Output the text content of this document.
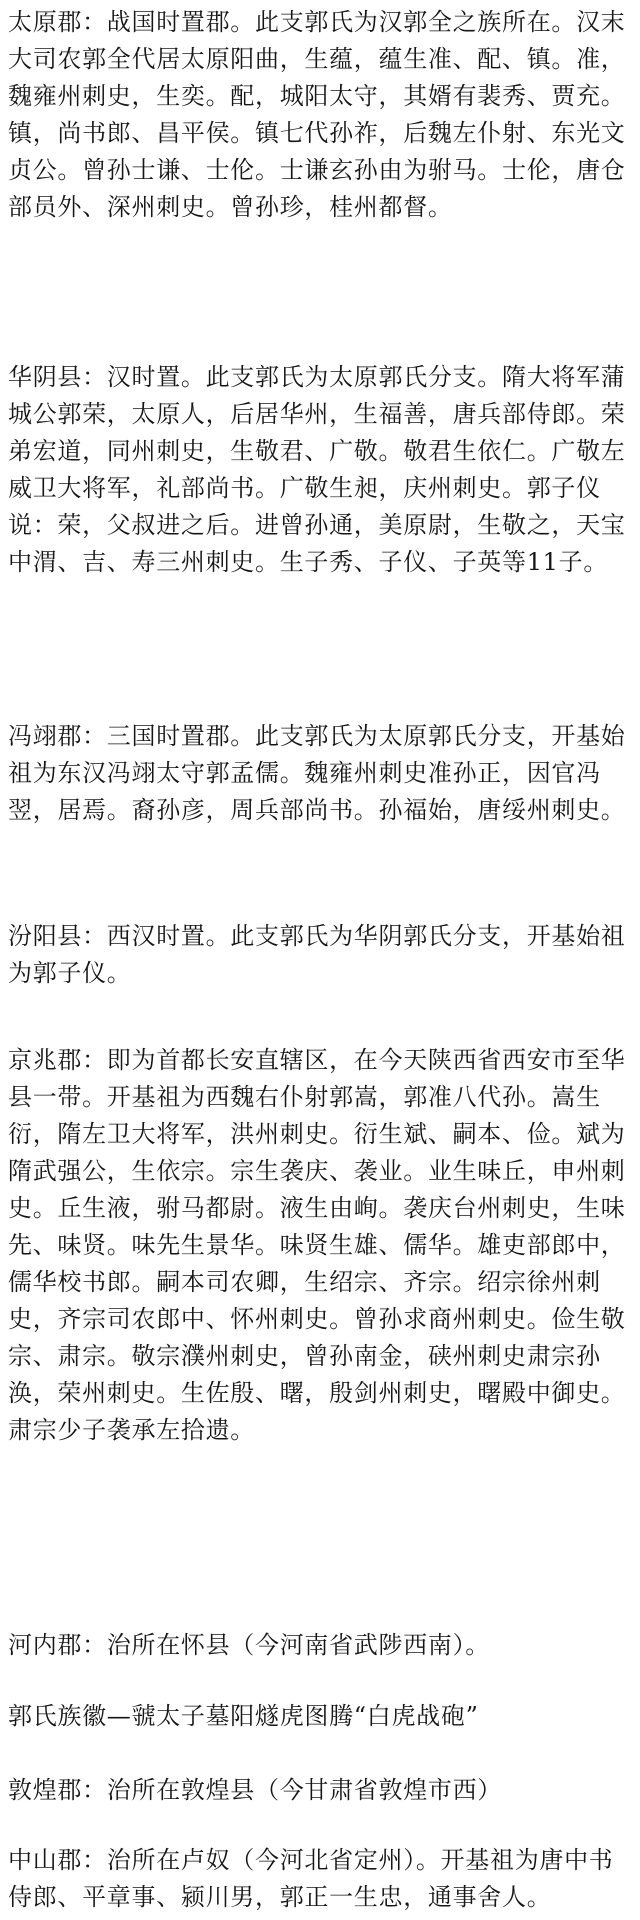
太原郡：战国时置郡。此支郭氏为汉郭全之族所在。汉末大司农郭全代居太原阳曲，生蕴，蕴生准、配、镇。准，魏雍州刺史，生奕。配，城阳太守，其婿有裴秀、贾充。镇，尚书郎、昌平侯。镇七代孙祚，后魏左仆射、东光文贞公。曾孙士谦、士伦。士谦玄孙由为驸马。士伦，唐仓部员外、深州刺史。曾孙珍，桂州都督。

华阴县：汉时置。此支郭氏为太原郭氏分支。隋大将军蒲城公郭荣，太原人，后居华州，生福善，唐兵部侍郎。荣弟宏道，同州刺史，生敬君、广敬。敬君生依仁。广敬左威卫大将军，礼部尚书。广敬生昶，庆州刺史。郭子仪说：荣，父叔进之后。进曾孙通，美原尉，生敬之，天宝中渭、吉、寿三州刺史。生子秀、子仪、子英等11子。

冯翊郡：三国时置郡。此支郭氏为太原郭氏分支，开基始祖为东汉冯翊太守郭孟儒。魏雍州刺史准孙正，因官冯翌，居焉。裔孙彦，周兵部尚书。孙福始，唐绥州刺史。

汾阳县：西汉时置。此支郭氏为华阴郭氏分支，开基始祖为郭子仪。

京兆郡：即为首都长安直辖区，在今天陕西省西安市至华县一带。开基祖为西魏右仆射郭嵩，郭准八代孙。嵩生衍，隋左卫大将军，洪州刺史。衍生斌、嗣本、俭。斌为隋武强公，生依宗。宗生袭庆、袭业。业生味丘，申州刺史。丘生液，驸马都尉。液生由峋。袭庆台州刺史，生味先、味贤。味先生景华。味贤生雄、儒华。雄吏部郎中，儒华校书郎。嗣本司农卿，生绍宗、齐宗。绍宗徐州刺史，齐宗司农郎中、怀州刺史。曾孙求商州刺史。俭生敬宗、肃宗。敬宗濮州刺史，曾孙南金，硖州刺史肃宗孙涣，荣州刺史。生佐殷、曙，殷剑州刺史，曙殿中御史。肃宗少子袭承左拾遗。

河内郡：治所在怀县（今河南省武陟西南）。

郭氏族徽—虢太子墓阳燧虎图腾“白虎战砲”

敦煌郡：治所在敦煌县（今甘肃省敦煌市西）

中山郡：治所在卢奴（今河北省定州）。开基祖为唐中书侍郎、平章事、颍川男，郭正一生忠，通事舍人。
